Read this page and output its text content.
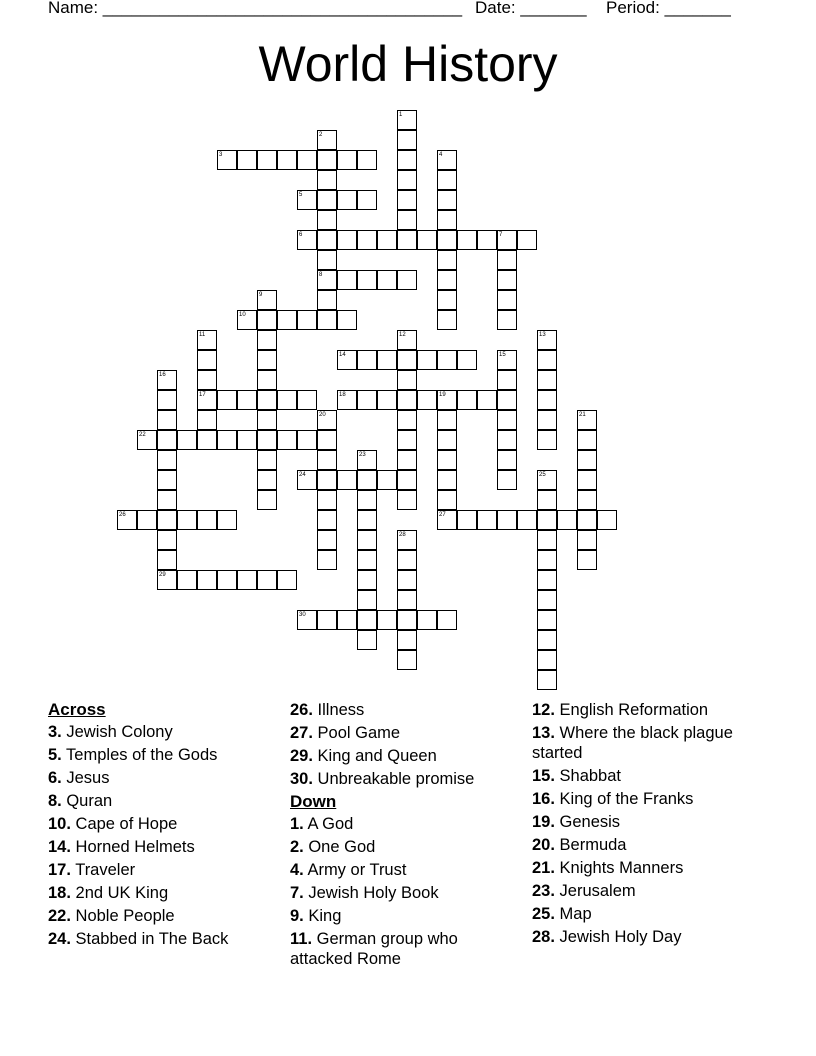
Name: ______________________________________ Date: _______ Period: _______
World History
1
2
8
3	4
5
6	7
9
10
11
17
12	13
14	15
16
29
18	19
27
20	21
22
23
24	25
26
28
30
Across
3. Jewish Colony
5. Temples of the Gods
6. Jesus
8. Quran
10. Cape of Hope
14. Horned Helmets
17. Traveler
18. 2nd UK King
22. Noble People
24. Stabbed in The Back
26. Illness
27. Pool Game
29. King and Queen
30. Unbreakable promise
Down
1. A God
2. One God
4. Army or Trust
7. Jewish Holy Book
9. King
11. German group who attacked Rome
12. English Reformation
13. Where the black plague started
15. Shabbat
16. King of the Franks
19. Genesis
20. Bermuda
21. Knights Manners
23. Jerusalem
25. Map
28. Jewish Holy Day
